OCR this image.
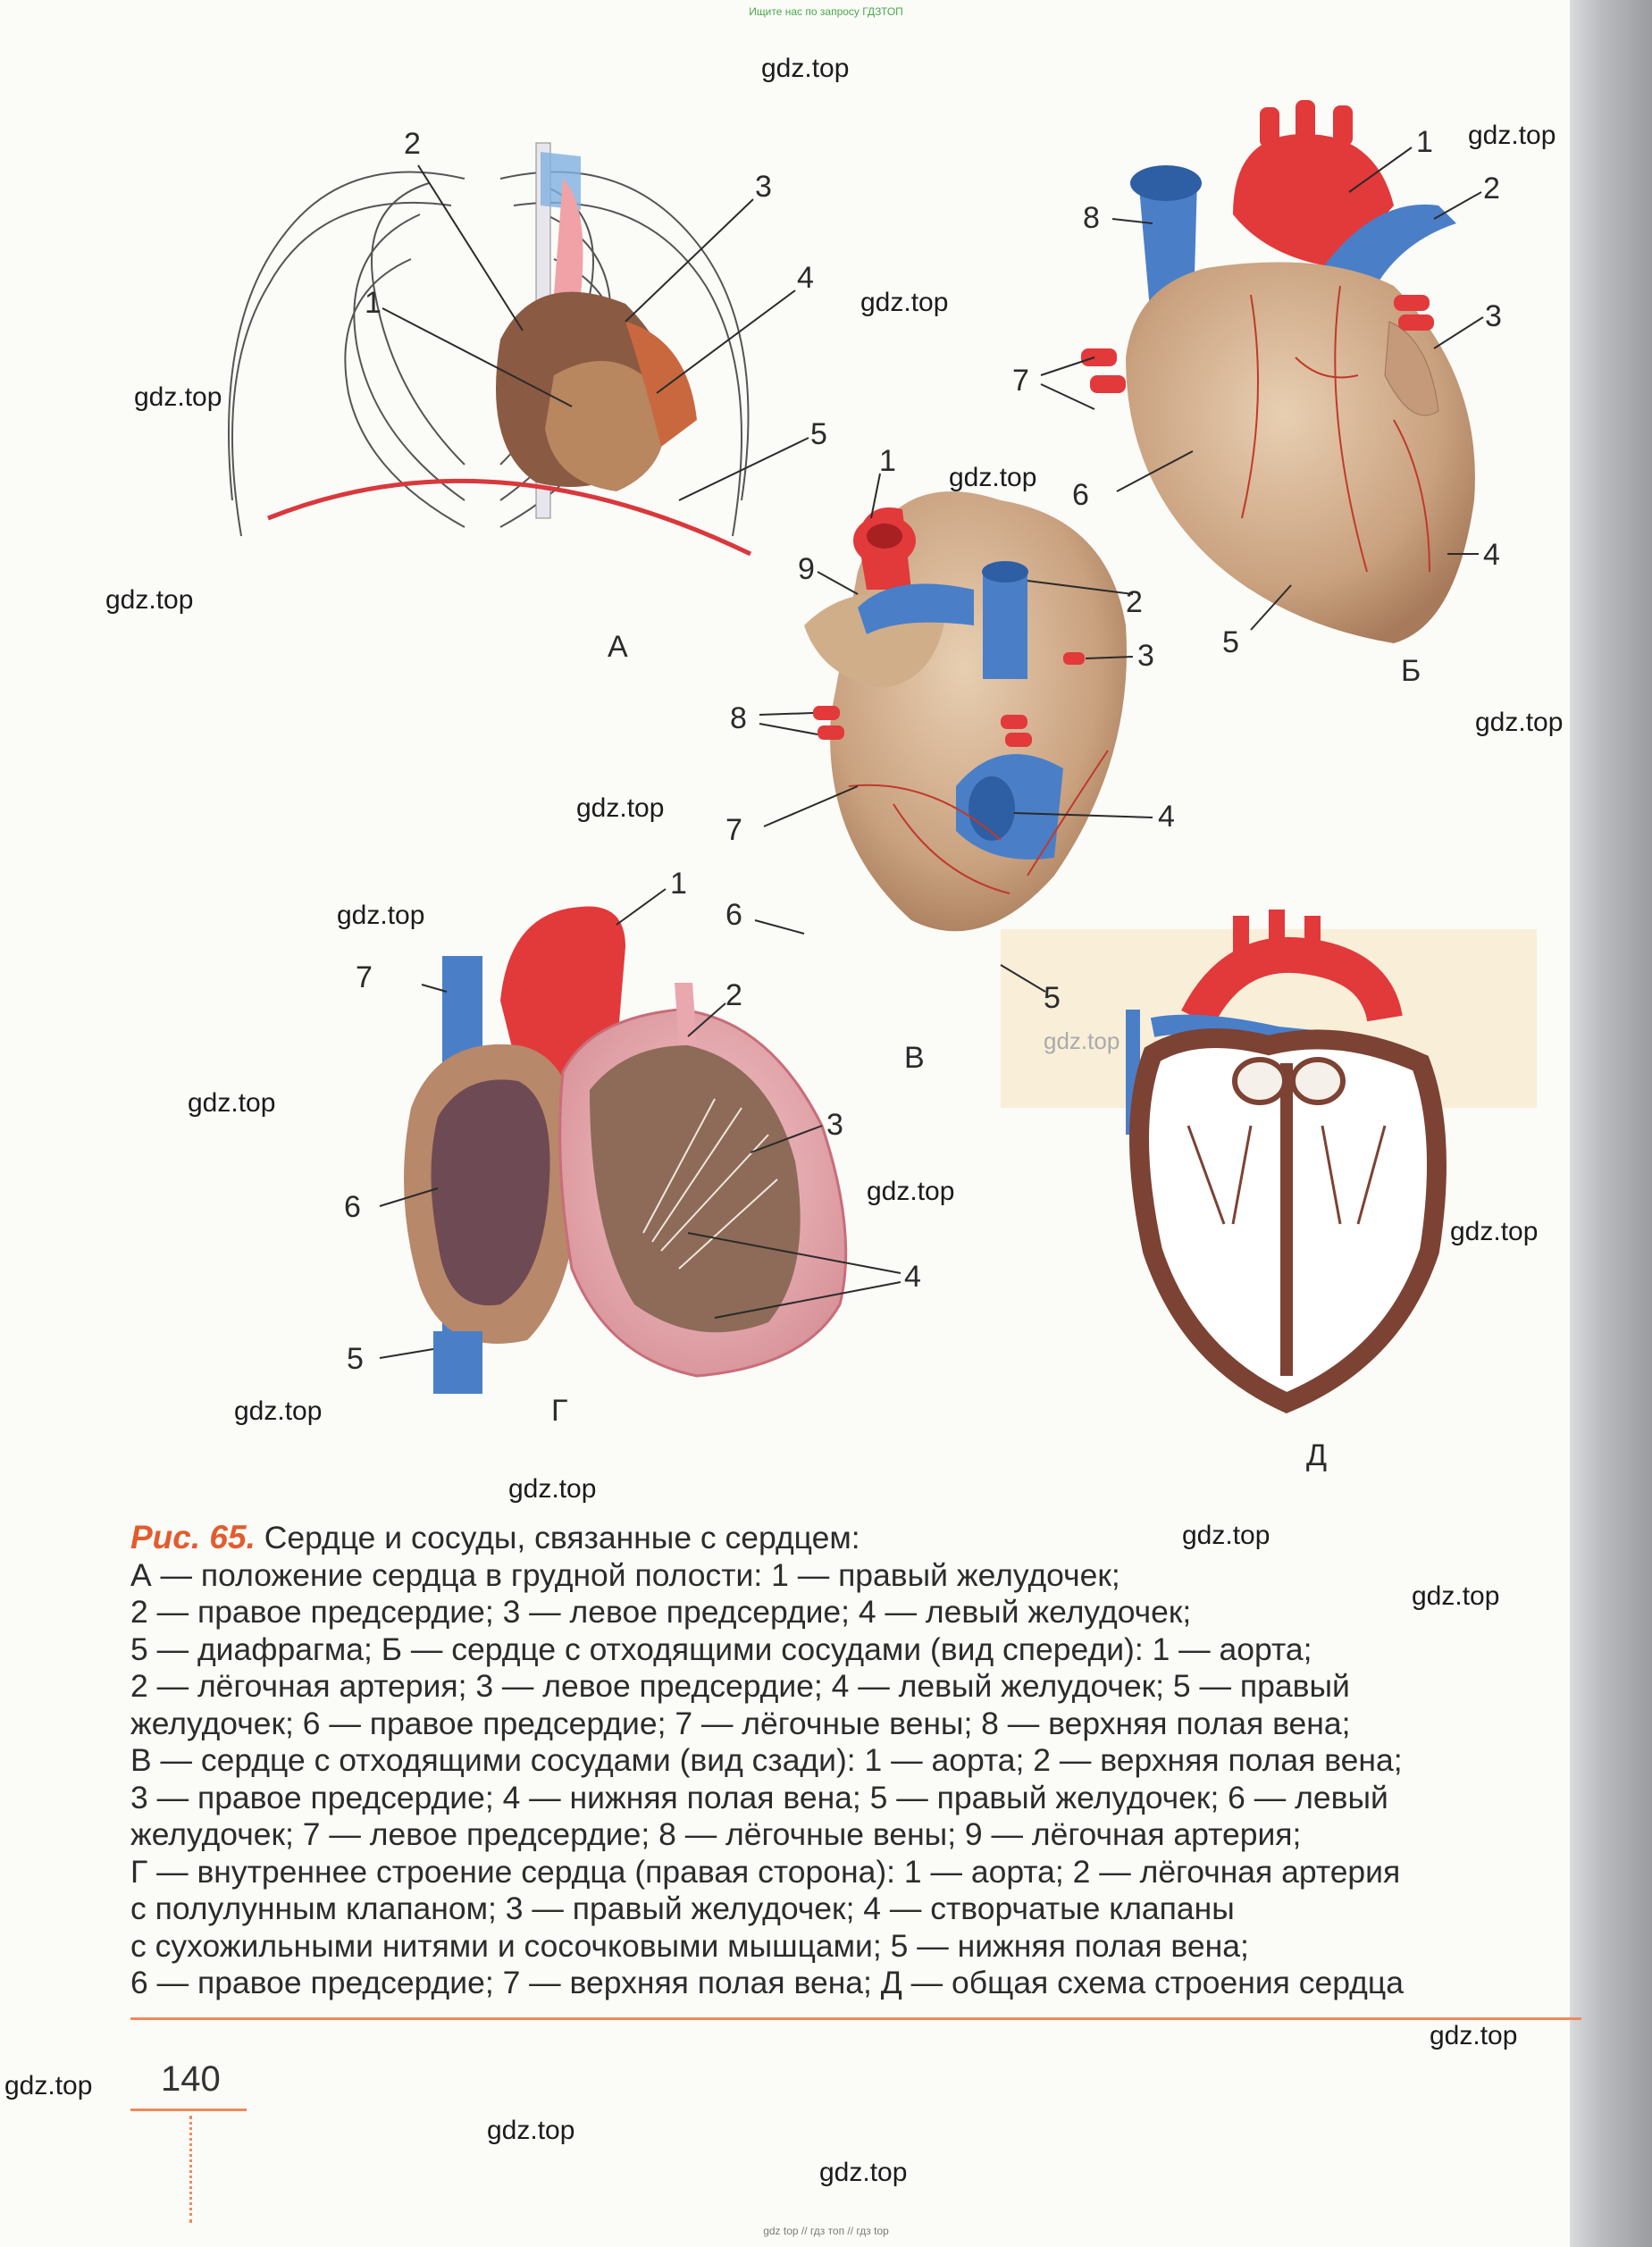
Ищите нас по запросу ГДЗТОП
2
3
1
4
5
А
1
2
8
3
7
6
4
5
Б
1
9
2
3
8
7	4
6
5
В
1
7
2
3
6
4
5
Г
Д
gdz.top
gdz.top
gdz.top
gdz.top
gdz.top
gdz.top
gdz.top
gdz.top
gdz.top
gdz.top
gdz.top
gdz.top
gdz.top
gdz.top
gdz.top
gdz.top
gdz.top
gdz.top
gdz.top
gdz.top
gdz.top
Рис. 65. Сердце и сосуды, связанные с сердцем:
А — положение сердца в грудной полости: 1 — правый желудочек;
2 — правое предсердие; 3 — левое предсердие; 4 — левый желудочек;
5 — диафрагма; Б — сердце с отходящими сосудами (вид спереди): 1 — аорта;
2 — лёгочная артерия; 3 — левое предсердие; 4 — левый желудочек; 5 — правый
желудочек; 6 — правое предсердие; 7 — лёгочные вены; 8 — верхняя полая вена;
В — сердце с отходящими сосудами (вид сзади): 1 — аорта; 2 — верхняя полая вена;
3 — правое предсердие; 4 — нижняя полая вена; 5 — правый желудочек; 6 — левый
желудочек; 7 — левое предсердие; 8 — лёгочные вены; 9 — лёгочная артерия;
Г — внутреннее строение сердца (правая сторона): 1 — аорта; 2 — лёгочная артерия
с полулунным клапаном; 3 — правый желудочек; 4 — створчатые клапаны
с сухожильными нитями и сосочковыми мышцами; 5 — нижняя полая вена;
6 — правое предсердие; 7 — верхняя полая вена; Д — общая схема строения сердца
140
gdz top // гдз топ // гдз top
